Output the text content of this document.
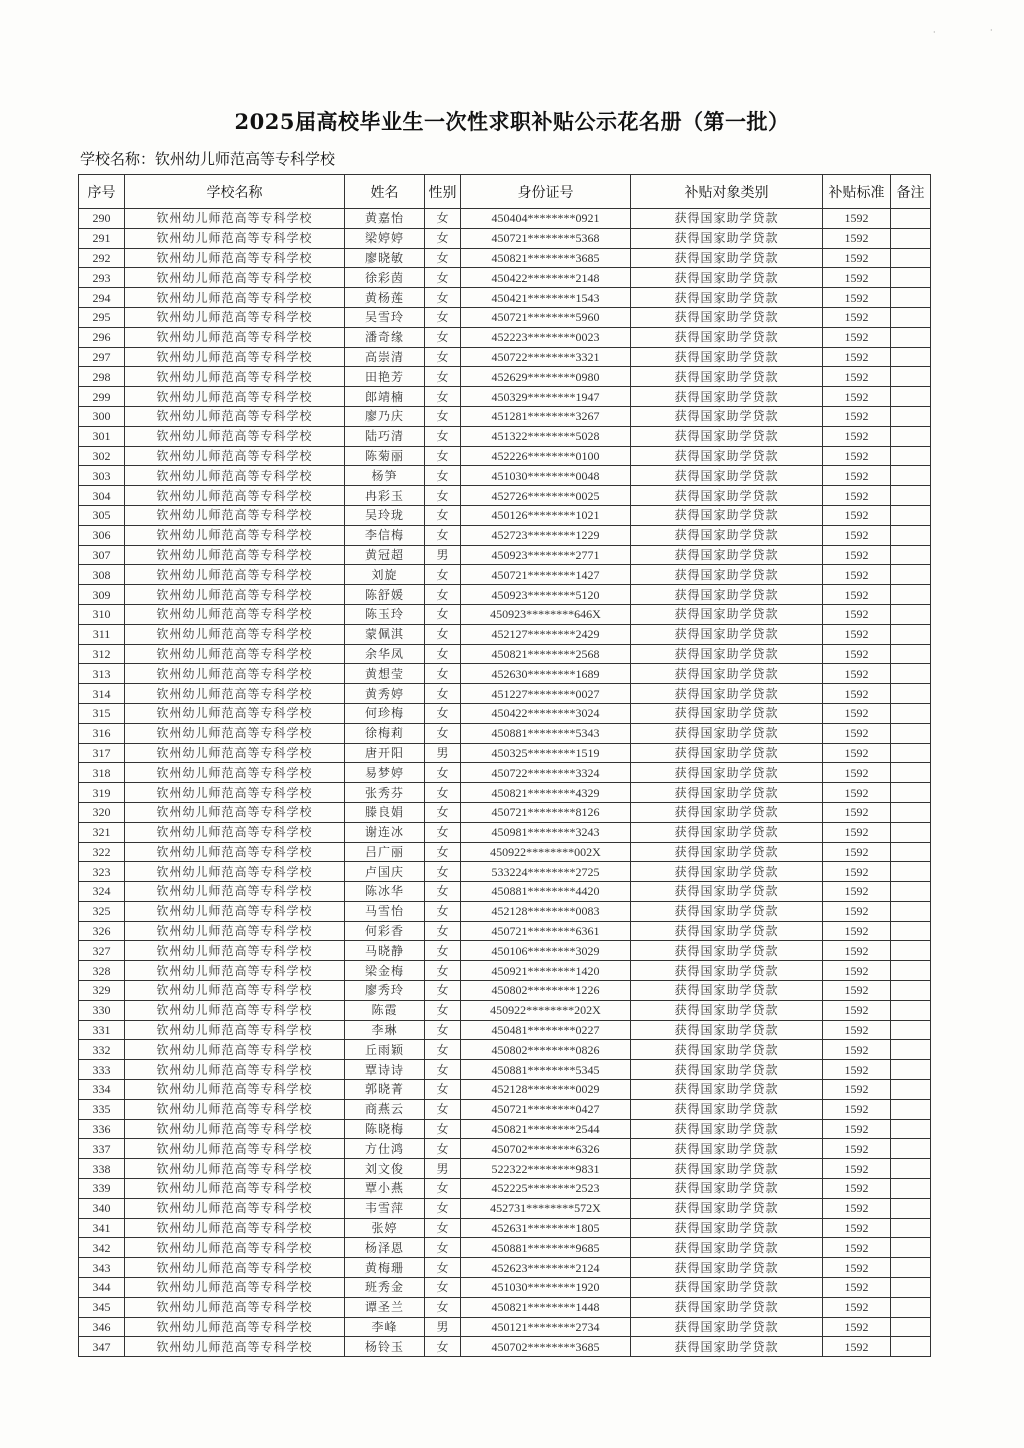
·	·
2025届高校毕业生一次性求职补贴公示花名册（第一批）
学校名称：钦州幼儿师范高等专科学校
序号	学校名称	姓名	性别	身份证号	补贴对象类别	补贴标准	备注
290	钦州幼儿师范高等专科学校	黄嘉怡	女	450404********0921	获得国家助学贷款	1592	
291	钦州幼儿师范高等专科学校	梁婷婷	女	450721********5368	获得国家助学贷款	1592	
292	钦州幼儿师范高等专科学校	廖晓敏	女	450821********3685	获得国家助学贷款	1592	
293	钦州幼儿师范高等专科学校	徐彩茵	女	450422********2148	获得国家助学贷款	1592	
294	钦州幼儿师范高等专科学校	黄杨莲	女	450421********1543	获得国家助学贷款	1592	
295	钦州幼儿师范高等专科学校	吴雪玲	女	450721********5960	获得国家助学贷款	1592	
296	钦州幼儿师范高等专科学校	潘奇缘	女	452223********0023	获得国家助学贷款	1592	
297	钦州幼儿师范高等专科学校	高崇清	女	450722********3321	获得国家助学贷款	1592	
298	钦州幼儿师范高等专科学校	田艳芳	女	452629********0980	获得国家助学贷款	1592	
299	钦州幼儿师范高等专科学校	郎靖楠	女	450329********1947	获得国家助学贷款	1592	
300	钦州幼儿师范高等专科学校	廖乃庆	女	451281********3267	获得国家助学贷款	1592	
301	钦州幼儿师范高等专科学校	陆巧清	女	451322********5028	获得国家助学贷款	1592	
302	钦州幼儿师范高等专科学校	陈菊丽	女	452226********0100	获得国家助学贷款	1592	
303	钦州幼儿师范高等专科学校	杨笋	女	451030********0048	获得国家助学贷款	1592	
304	钦州幼儿师范高等专科学校	冉彩玉	女	452726********0025	获得国家助学贷款	1592	
305	钦州幼儿师范高等专科学校	吴玲珑	女	450126********1021	获得国家助学贷款	1592	
306	钦州幼儿师范高等专科学校	李信梅	女	452723********1229	获得国家助学贷款	1592	
307	钦州幼儿师范高等专科学校	黄冠超	男	450923********2771	获得国家助学贷款	1592	
308	钦州幼儿师范高等专科学校	刘旋	女	450721********1427	获得国家助学贷款	1592	
309	钦州幼儿师范高等专科学校	陈舒媛	女	450923********5120	获得国家助学贷款	1592	
310	钦州幼儿师范高等专科学校	陈玉玲	女	450923********646X	获得国家助学贷款	1592	
311	钦州幼儿师范高等专科学校	蒙佩淇	女	452127********2429	获得国家助学贷款	1592	
312	钦州幼儿师范高等专科学校	余华凤	女	450821********2568	获得国家助学贷款	1592	
313	钦州幼儿师范高等专科学校	黄想莹	女	452630********1689	获得国家助学贷款	1592	
314	钦州幼儿师范高等专科学校	黄秀婷	女	451227********0027	获得国家助学贷款	1592	
315	钦州幼儿师范高等专科学校	何珍梅	女	450422********3024	获得国家助学贷款	1592	
316	钦州幼儿师范高等专科学校	徐梅莉	女	450881********5343	获得国家助学贷款	1592	
317	钦州幼儿师范高等专科学校	唐开阳	男	450325********1519	获得国家助学贷款	1592	
318	钦州幼儿师范高等专科学校	易梦婷	女	450722********3324	获得国家助学贷款	1592	
319	钦州幼儿师范高等专科学校	张秀芬	女	450821********4329	获得国家助学贷款	1592	
320	钦州幼儿师范高等专科学校	滕良娟	女	450721********8126	获得国家助学贷款	1592	
321	钦州幼儿师范高等专科学校	谢连冰	女	450981********3243	获得国家助学贷款	1592	
322	钦州幼儿师范高等专科学校	吕广丽	女	450922********002X	获得国家助学贷款	1592	
323	钦州幼儿师范高等专科学校	卢国庆	女	533224********2725	获得国家助学贷款	1592	
324	钦州幼儿师范高等专科学校	陈冰华	女	450881********4420	获得国家助学贷款	1592	
325	钦州幼儿师范高等专科学校	马雪怡	女	452128********0083	获得国家助学贷款	1592	
326	钦州幼儿师范高等专科学校	何彩香	女	450721********6361	获得国家助学贷款	1592	
327	钦州幼儿师范高等专科学校	马晓静	女	450106********3029	获得国家助学贷款	1592	
328	钦州幼儿师范高等专科学校	梁金梅	女	450921********1420	获得国家助学贷款	1592	
329	钦州幼儿师范高等专科学校	廖秀玲	女	450802********1226	获得国家助学贷款	1592	
330	钦州幼儿师范高等专科学校	陈霞	女	450922********202X	获得国家助学贷款	1592	
331	钦州幼儿师范高等专科学校	李琳	女	450481********0227	获得国家助学贷款	1592	
332	钦州幼儿师范高等专科学校	丘雨颖	女	450802********0826	获得国家助学贷款	1592	
333	钦州幼儿师范高等专科学校	覃诗诗	女	450881********5345	获得国家助学贷款	1592	
334	钦州幼儿师范高等专科学校	郭晓菁	女	452128********0029	获得国家助学贷款	1592	
335	钦州幼儿师范高等专科学校	商燕云	女	450721********0427	获得国家助学贷款	1592	
336	钦州幼儿师范高等专科学校	陈晓梅	女	450821********2544	获得国家助学贷款	1592	
337	钦州幼儿师范高等专科学校	方仕鸿	女	450702********6326	获得国家助学贷款	1592	
338	钦州幼儿师范高等专科学校	刘文俊	男	522322********9831	获得国家助学贷款	1592	
339	钦州幼儿师范高等专科学校	覃小燕	女	452225********2523	获得国家助学贷款	1592	
340	钦州幼儿师范高等专科学校	韦雪萍	女	452731********572X	获得国家助学贷款	1592	
341	钦州幼儿师范高等专科学校	张婷	女	452631********1805	获得国家助学贷款	1592	
342	钦州幼儿师范高等专科学校	杨泽恩	女	450881********9685	获得国家助学贷款	1592	
343	钦州幼儿师范高等专科学校	黄梅珊	女	452623********2124	获得国家助学贷款	1592	
344	钦州幼儿师范高等专科学校	班秀金	女	451030********1920	获得国家助学贷款	1592	
345	钦州幼儿师范高等专科学校	谭圣兰	女	450821********1448	获得国家助学贷款	1592	
346	钦州幼儿师范高等专科学校	李峰	男	450121********2734	获得国家助学贷款	1592	
347	钦州幼儿师范高等专科学校	杨铃玉	女	450702********3685	获得国家助学贷款	1592	
